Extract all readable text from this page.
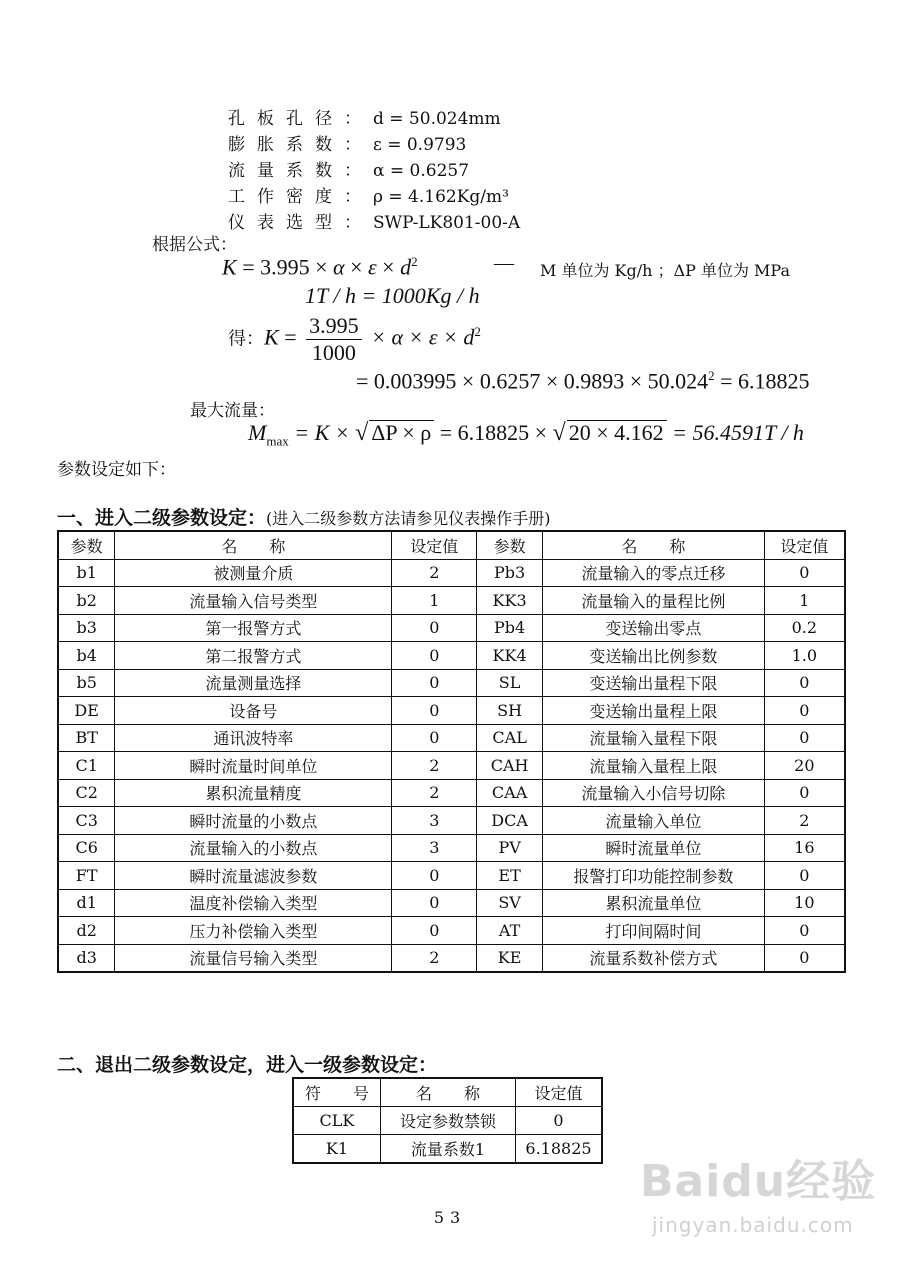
孔板孔径：d = 50.024mm
膨胀系数：ε = 0.9793
流量系数：α = 0.6257
工作密度：ρ = 4.162Kg/m³
仪表选型：SWP-LK801-00-A
根据公式：
$K = 3.995 \times \alpha \times \varepsilon \times d^2$	— M 单位为 Kg/h ；ΔP 单位为 MPa
1T / h = 1000Kg / h
得：$K = \frac{3.995}{1000} \times \alpha \times \varepsilon \times d^2$
= $0.003995 \times 0.6257 \times 0.9893 \times 50.024^2 = 6.18825$
最大流量：
$M_{max} = K$ × √ ΔP × ρ = 6.18825 × √ 20 × 4.162 = 56.4591T / h
参数设定如下：
一、进入二级参数设定：(进入二级参数方法请参见仪表操作手册)
参数	名　　称	设定值	参数	名　　称	设定值
b1	被测量介质	2	Pb3	流量输入的零点迁移	0
b2	流量输入信号类型	1	KK3	流量输入的量程比例	1
b3	第一报警方式	0	Pb4	变送输出零点	0.2
b4	第二报警方式	0	KK4	变送输出比例参数	1.0
b5	流量测量选择	0	SL	变送输出量程下限	0
DE	设备号	0	SH	变送输出量程上限	0
BT	通讯波特率	0	CAL	流量输入量程下限	0
C1	瞬时流量时间单位	2	CAH	流量输入量程上限	20
C2	累积流量精度	2	CAA	流量输入小信号切除	0
C3	瞬时流量的小数点	3	DCA	流量输入单位	2
C6	流量输入的小数点	3	PV	瞬时流量单位	16
FT	瞬时流量滤波参数	0	ET	报警打印功能控制参数	0
d1	温度补偿输入类型	0	SV	累积流量单位	10
d2	压力补偿输入类型	0	AT	打印间隔时间	0
d3	流量信号输入类型	2	KE	流量系数补偿方式	0
二、退出二级参数设定，进入一级参数设定：
符　　号	名　　称	设定值
CLK	设定参数禁锁	0
K1	流量系数1	6.18825
53
Baidu经验
jingyan.baidu.com
